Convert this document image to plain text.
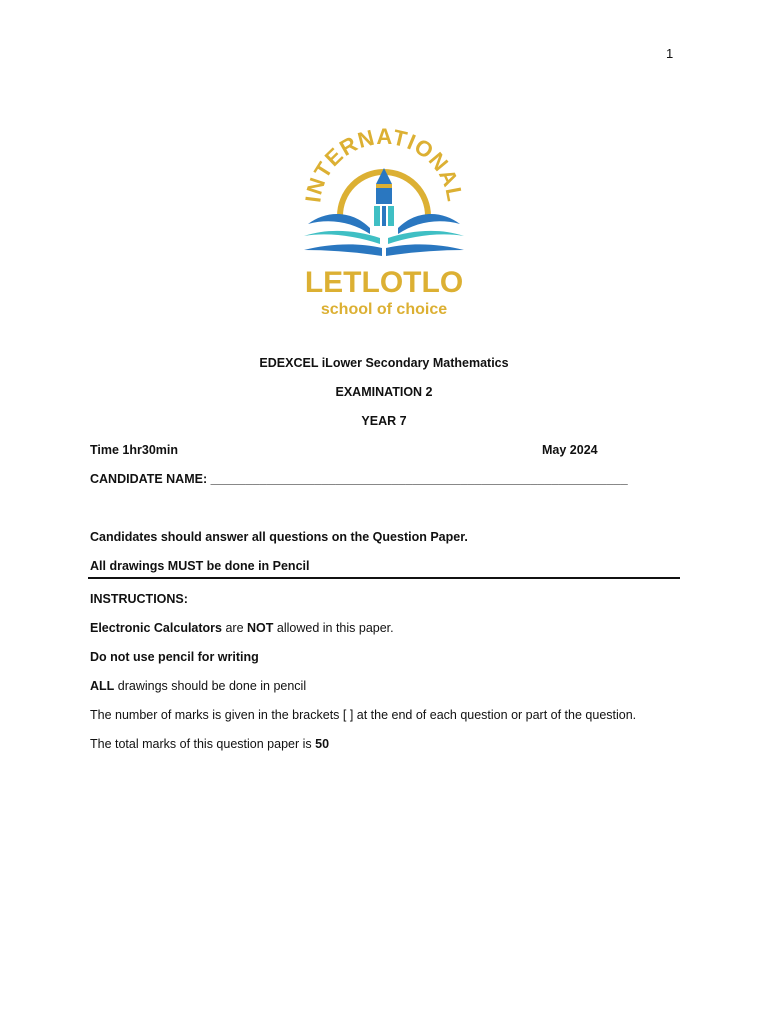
1
INTERNATIONAL
LETLOTLO
school of choice
EDEXCEL iLower Secondary Mathematics
EXAMINATION 2
YEAR 7
Time 1hr30min	May 2024
CANDIDATE NAME: ____________________________________________________________
Candidates should answer all questions on the Question Paper.
All drawings MUST be done in Pencil
INSTRUCTIONS:
Electronic Calculators are NOT allowed in this paper.
Do not use pencil for writing
ALL drawings should be done in pencil
The number of marks is given in the brackets [ ] at the end of each question or part of the question.
The total marks of this question paper is 50
